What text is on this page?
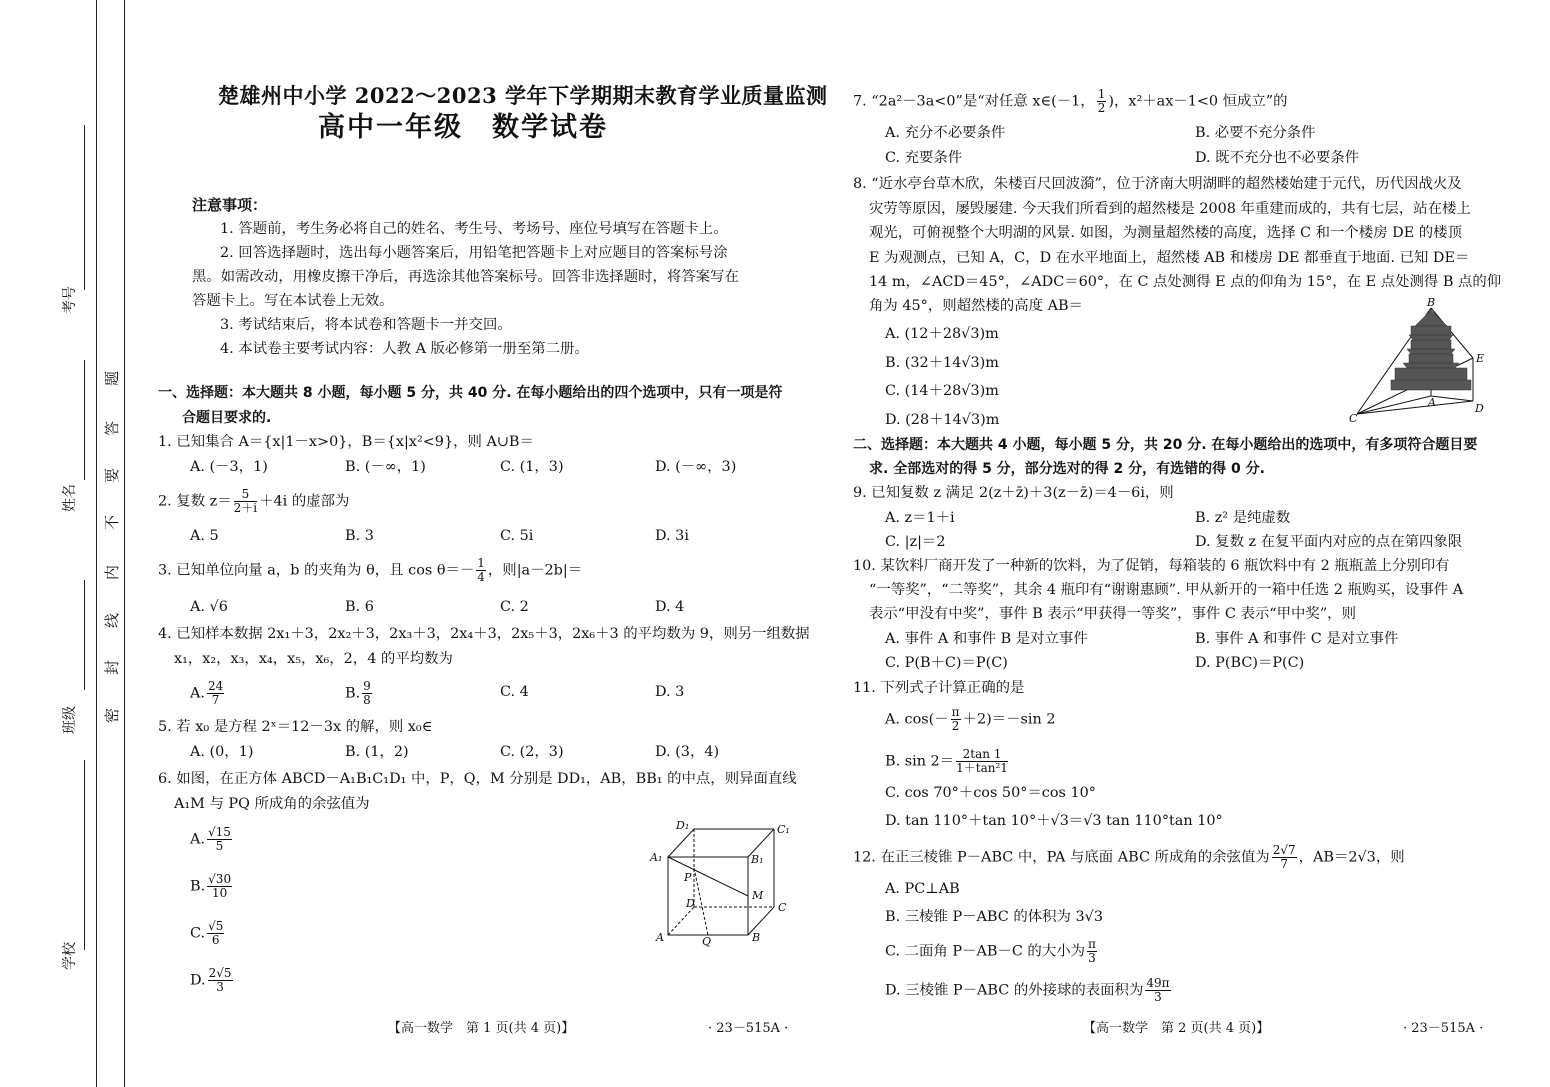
考号
姓名
班级
学校
密
封
线
内
不
要
答
题
楚雄州中小学 2022～2023 学年下学期期末教育学业质量监测
高中一年级　数学试卷
注意事项：
1. 答题前，考生务必将自己的姓名、考生号、考场号、座位号填写在答题卡上。
2. 回答选择题时，选出每小题答案后，用铅笔把答题卡上对应题目的答案标号涂
黑。如需改动，用橡皮擦干净后，再选涂其他答案标号。回答非选择题时，将答案写在
答题卡上。写在本试卷上无效。
3. 考试结束后，将本试卷和答题卡一并交回。
4. 本试卷主要考试内容：人教 A 版必修第一册至第二册。
一、选择题：本大题共 8 小题，每小题 5 分，共 40 分. 在每小题给出的四个选项中，只有一项是符
合题目要求的.
1. 已知集合 A＝{x|1－x>0}，B＝{x|x²<9}，则 A∪B＝
A. (－3，1)	B. (－∞，1)	C. (1，3)	D. (－∞，3)
2. 复数 $z= \frac{5}{2+i} +4i$ 的虚部为
A. 5	B. 3	C. 5i	D. 3i
3. 已知单位向量 a，b 的夹角为 θ，且 $\cos \theta=- \frac{1}{4}$ ，则|a－2b|＝
A. √6	B. 6	C. 2	D. 4
4. 已知样本数据 2x₁＋3，2x₂＋3，2x₃＋3，2x₄＋3，2x₅＋3，2x₆＋3 的平均数为 9，则另一组数据
x₁，x₂，x₃，x₄，x₅，x₆，2，4 的平均数为
A. $\frac{24}{7}$	B. $\frac{9}{8}$	C. 4	D. 3
5. 若 x₀ 是方程 2ˣ＝12－3x 的解，则 x₀∈
A. (0，1)	B. (1，2)	C. (2，3)	D. (3，4)
6. 如图，在正方体 ABCD－A₁B₁C₁D₁ 中，P，Q，M 分别是 DD₁，AB，BB₁ 的中点，则异面直线
A₁M 与 PQ 所成角的余弦值为
A. $\frac{√15}{5}$
B. $\frac{√30}{10}$
C. $\frac{√5}{6}$
D. $\frac{2√5}{3}$
D₁	C₁
A₁	B₁
P
M
D	C
A	Q	B
【高一数学　第 1 页(共 4 页)】	· 23－515A ·
7. “2a²－3a<0”是“对任意 x∈(－1， $\frac{1}{2}$ )，x²＋ax－1<0 恒成立”的
A. 充分不必要条件	B. 必要不充分条件
C. 充要条件	D. 既不充分也不必要条件
8. “近水亭台草木欣，朱楼百尺回波漪”，位于济南大明湖畔的超然楼始建于元代，历代因战火及
灾劳等原因，屡毁屡建. 今天我们所看到的超然楼是 2008 年重建而成的，共有七层，站在楼上
观光，可俯视整个大明湖的风景. 如图，为测量超然楼的高度，选择 C 和一个楼房 DE 的楼顶
E 为观测点，已知 A，C，D 在水平地面上，超然楼 AB 和楼房 DE 都垂直于地面. 已知 DE＝
14 m，∠ACD＝45°，∠ADC＝60°，在 C 点处测得 E 点的仰角为 15°，在 E 点处测得 B 点的仰
角为 45°，则超然楼的高度 AB＝
A. (12＋28√3)m
B. (32＋14√3)m
C. (14＋28√3)m
D. (28＋14√3)m
B
E
A
C
D
二、选择题：本大题共 4 小题，每小题 5 分，共 20 分. 在每小题给出的选项中，有多项符合题目要
求. 全部选对的得 5 分，部分选对的得 2 分，有选错的得 0 分.
9. 已知复数 z 满足 2(z＋z̄)＋3(z－z̄)＝4－6i，则
A. z＝1＋i	B. z² 是纯虚数
C. |z|＝2	D. 复数 z 在复平面内对应的点在第四象限
10. 某饮料厂商开发了一种新的饮料，为了促销，每箱装的 6 瓶饮料中有 2 瓶瓶盖上分别印有
“一等奖”，“二等奖”，其余 4 瓶印有“谢谢惠顾”. 甲从新开的一箱中任选 2 瓶购买，设事件 A
表示“甲没有中奖”，事件 B 表示“甲获得一等奖”，事件 C 表示“甲中奖”，则
A. 事件 A 和事件 B 是对立事件	B. 事件 A 和事件 C 是对立事件
C. P(B＋C)＝P(C)	D. P(BC)＝P(C)
11. 下列式子计算正确的是
A. $\cos(- \frac{\pi}{2} +2)=-\sin$ 2
B. $\sin 2= \frac{2\tan 1}{\text{1＋tan²1}}$
C. cos 70°＋cos 50°＝cos 10°
D. tan 110°＋tan 10°＋√3＝√3 tan 110°tan 10°
12. 在正三棱锥 P－ABC 中，PA 与底面 ABC 所成角的余弦值为 $\frac{2√7}{7}$ ，AB＝2√3，则
A. PC⊥AB
B. 三棱锥 P－ABC 的体积为 3√3
C. 二面角 P－AB－C 的大小为 $\frac{\pi}{3}$
D. 三棱锥 P－ABC 的外接球的表面积为 $\frac{49\pi}{3}$
【高一数学　第 2 页(共 4 页)】	· 23－515A ·
